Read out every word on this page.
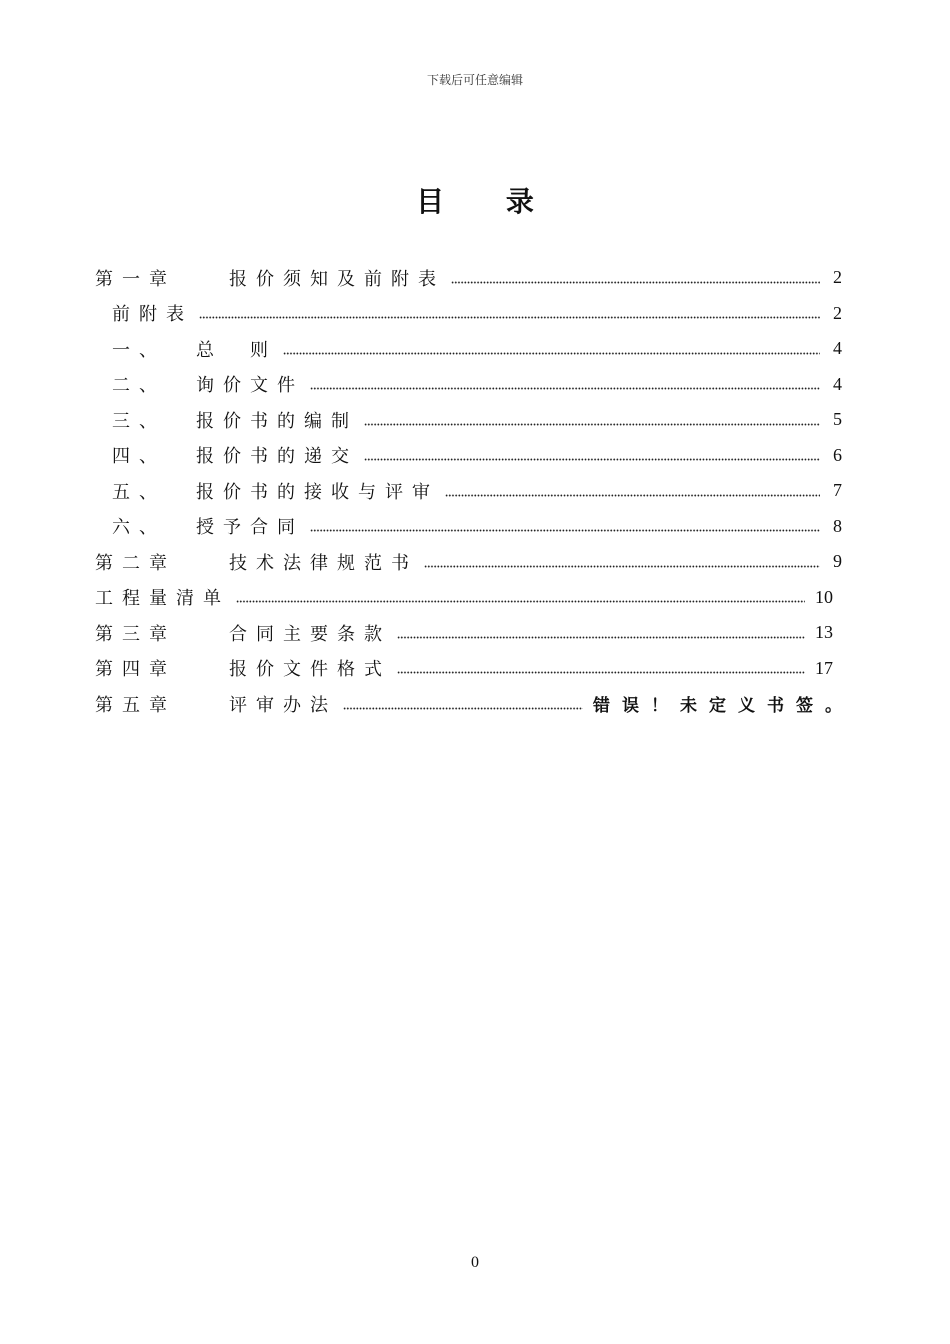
下载后可任意编辑
目 录
第一章	报价须知及前附表	2
前附表	2
一、 总　则	4
二、 询价文件	4
三、 报价书的编制	5
四、 报价书的递交	6
五、 报价书的接收与评审	7
六、 授予合同	8
第二章	技术法律规范书	9
工程量清单	10
第三章	合同主要条款	13
第四章	报价文件格式	17
第五章	评审办法	错误！未定义书签。
0
